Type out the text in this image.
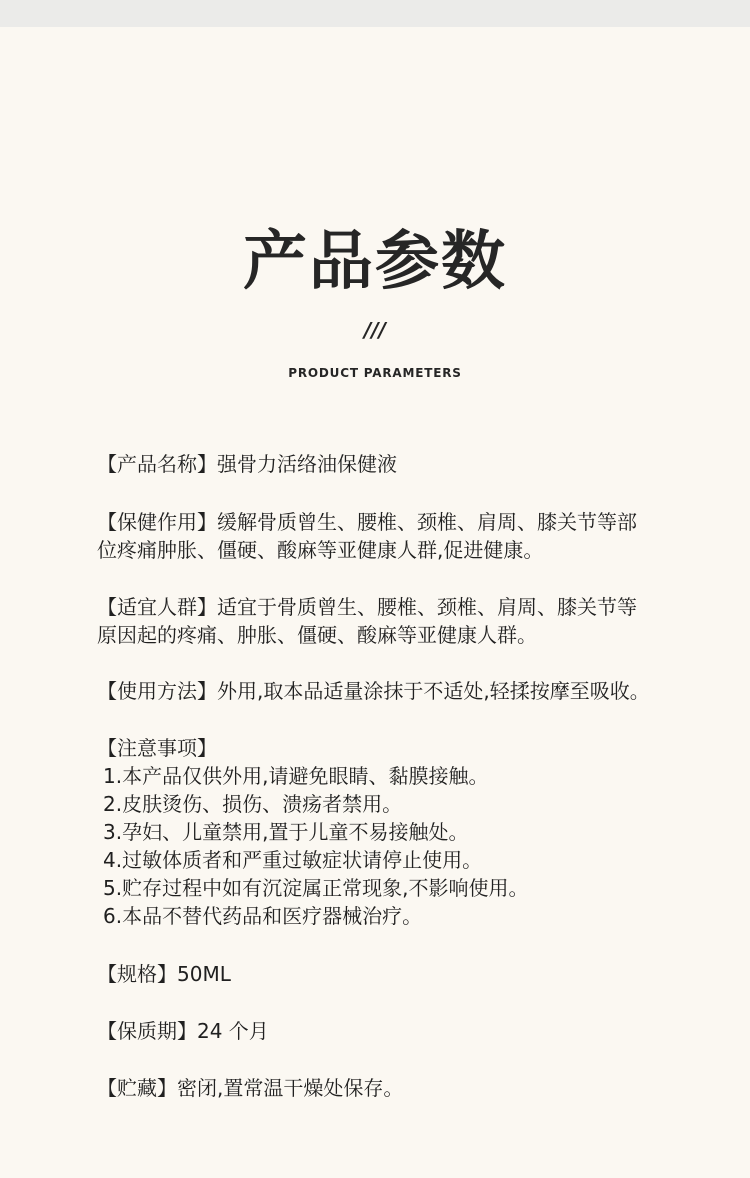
产品参数
///
PRODUCT PARAMETERS
【产品名称】强骨力活络油保健液
【保健作用】缓解骨质曾生、腰椎、颈椎、肩周、膝关节等部
位疼痛肿胀、僵硬、酸麻等亚健康人群,促进健康。
【适宜人群】适宜于骨质曾生、腰椎、颈椎、肩周、膝关节等
原因起的疼痛、肿胀、僵硬、酸麻等亚健康人群。
【使用方法】外用,取本品适量涂抹于不适处,轻揉按摩至吸收。
【注意事项】
1.本产品仅供外用,请避免眼睛、黏膜接触。
2.皮肤烫伤、损伤、溃疡者禁用。
3.孕妇、儿童禁用,置于儿童不易接触处。
4.过敏体质者和严重过敏症状请停止使用。
5.贮存过程中如有沉淀属正常现象,不影响使用。
6.本品不替代药品和医疗器械治疗。
【规格】50ML
【保质期】24 个月
【贮藏】密闭,置常温干燥处保存。
